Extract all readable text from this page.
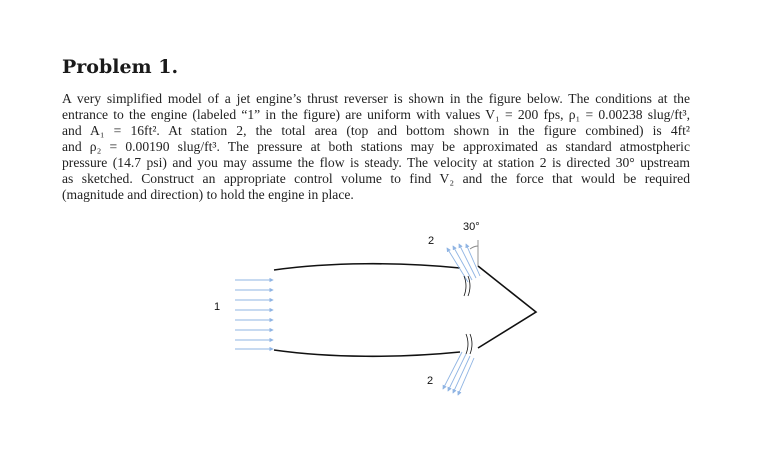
Problem 1.
A very simplified model of a jet engine’s thrust reverser is shown in the figure below. The conditions at the
entrance to the engine (labeled “1” in the figure) are uniform with values V₁ = 200 fps, ρ₁ = 0.00238 slug/ft³,
and A₁ = 16ft². At station 2, the total area (top and bottom shown in the figure combined) is 4ft²
and ρ₂ = 0.00190 slug/ft³. The pressure at both stations may be approximated as standard atmostpheric
pressure (14.7 psi) and you may assume the flow is steady. The velocity at station 2 is directed 30° upstream
as sketched. Construct an appropriate control volume to find V₂ and the force that would be required
(magnitude and direction) to hold the engine in place.
1
2
2
30°
